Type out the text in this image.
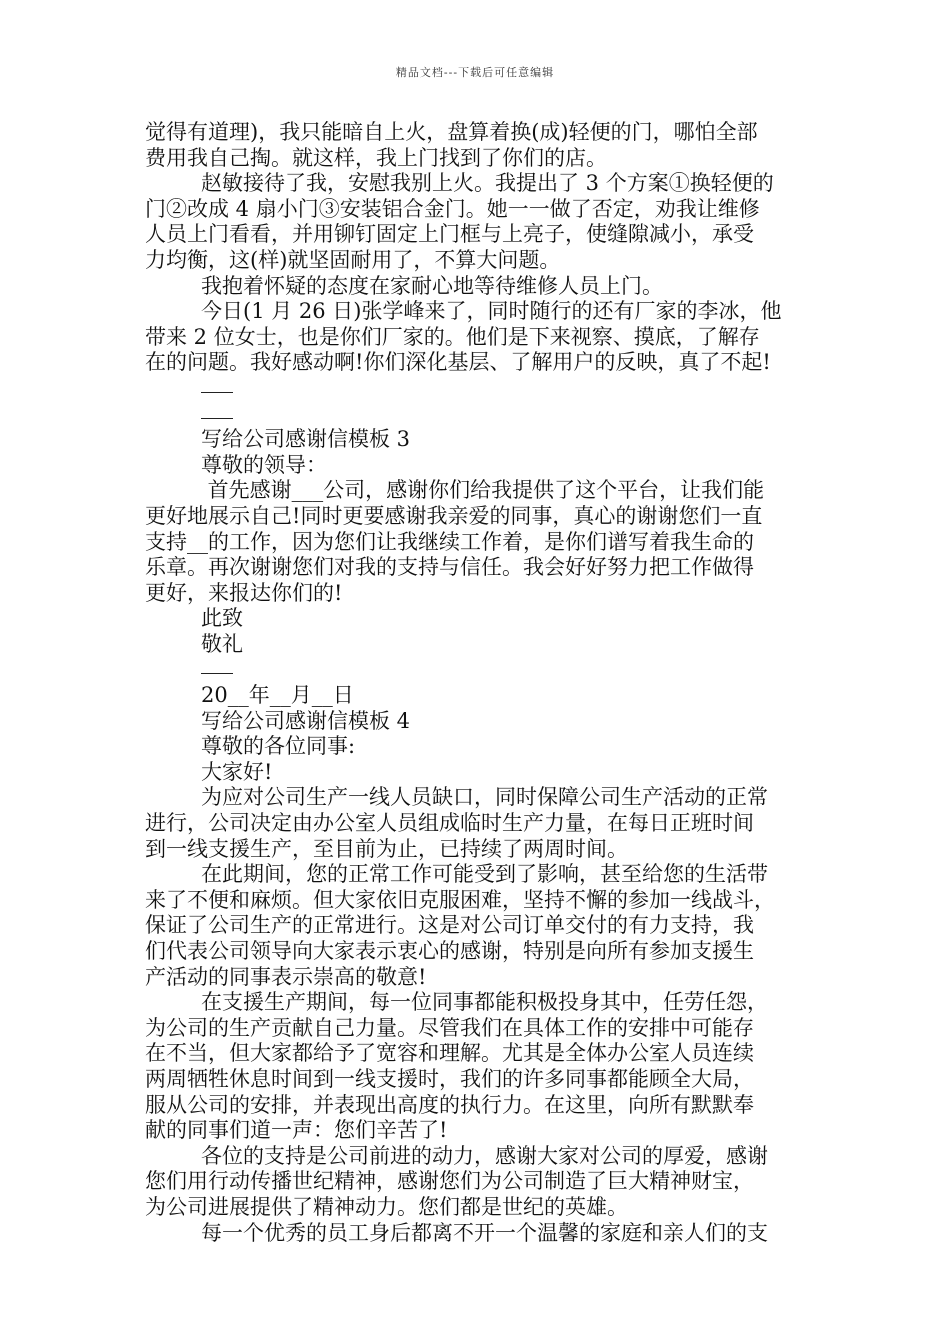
精品文档---下载后可任意编辑
觉得有道理)，我只能暗自上火，盘算着换(成)轻便的门，哪怕全部
费用我自己掏。就这样，我上门找到了你们的店。
赵敏接待了我，安慰我别上火。我提出了 3 个方案①换轻便的
门②改成 4 扇小门③安装铝合金门。她一一做了否定，劝我让维修
人员上门看看，并用铆钉固定上门框与上亮子，使缝隙减小，承受
力均衡，这(样)就坚固耐用了，不算大问题。
我抱着怀疑的态度在家耐心地等待维修人员上门。
今日(1 月 26 日)张学峰来了，同时随行的还有厂家的李冰，他
带来 2 位女士，也是你们厂家的。他们是下来视察、摸底，了解存
在的问题。我好感动啊!你们深化基层、了解用户的反映，真了不起!
写给公司感谢信模板 3
尊敬的领导：
首先感谢___公司，感谢你们给我提供了这个平台，让我们能
更好地展示自己!同时更要感谢我亲爱的同事，真心的谢谢您们一直
支持__的工作，因为您们让我继续工作着，是你们谱写着我生命的
乐章。再次谢谢您们对我的支持与信任。我会好好努力把工作做得
更好，来报达你们的!
此致
敬礼
20__年__月__日
写给公司感谢信模板 4
尊敬的各位同事:
大家好!
为应对公司生产一线人员缺口，同时保障公司生产活动的正常
进行，公司决定由办公室人员组成临时生产力量，在每日正班时间
到一线支援生产，至目前为止，已持续了两周时间。
在此期间，您的正常工作可能受到了影响，甚至给您的生活带
来了不便和麻烦。但大家依旧克服困难，坚持不懈的参加一线战斗，
保证了公司生产的正常进行。这是对公司订单交付的有力支持，我
们代表公司领导向大家表示衷心的感谢，特别是向所有参加支援生
产活动的同事表示崇高的敬意!
在支援生产期间，每一位同事都能积极投身其中，任劳任怨，
为公司的生产贡献自己力量。尽管我们在具体工作的安排中可能存
在不当，但大家都给予了宽容和理解。尤其是全体办公室人员连续
两周牺牲休息时间到一线支援时，我们的许多同事都能顾全大局，
服从公司的安排，并表现出高度的执行力。在这里，向所有默默奉
献的同事们道一声：您们辛苦了!
各位的支持是公司前进的动力，感谢大家对公司的厚爱，感谢
您们用行动传播世纪精神，感谢您们为公司制造了巨大精神财宝，
为公司进展提供了精神动力。您们都是世纪的英雄。
每一个优秀的员工身后都离不开一个温馨的家庭和亲人们的支
